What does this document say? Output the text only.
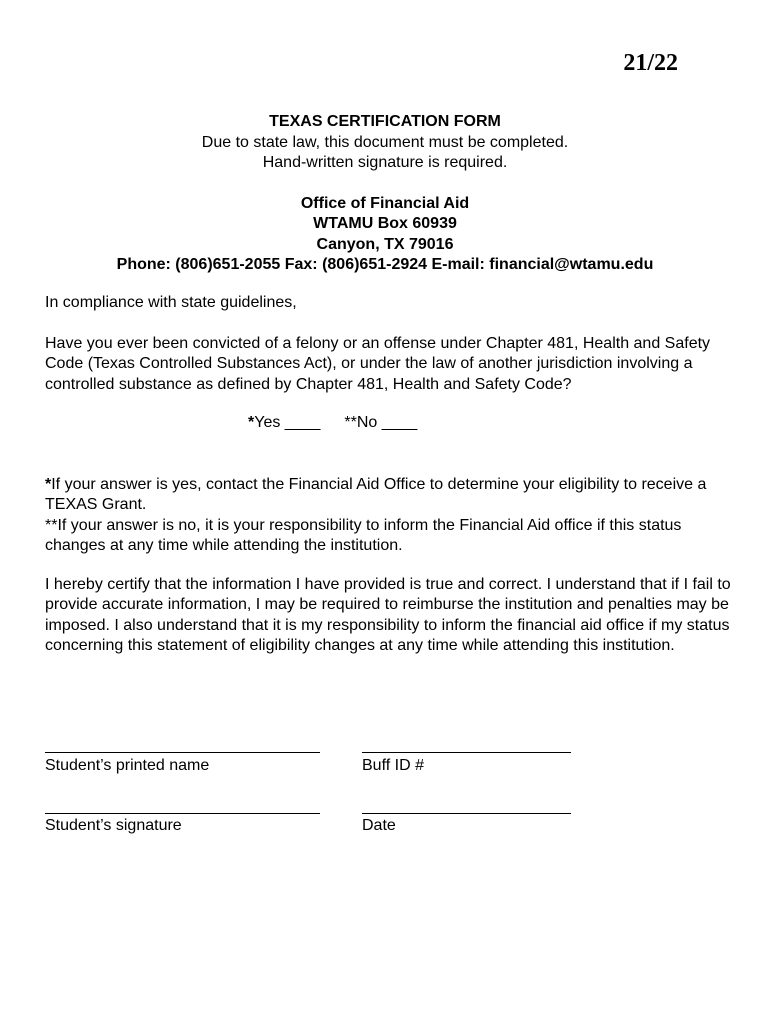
21/22
TEXAS CERTIFICATION FORM
Due to state law, this document must be completed.
Hand-written signature is required.
Office of Financial Aid
WTAMU Box 60939
Canyon, TX 79016
Phone: (806)651-2055 Fax: (806)651-2924 E-mail: financial@wtamu.edu
In compliance with state guidelines,
Have you ever been convicted of a felony or an offense under Chapter 481, Health and Safety Code (Texas Controlled Substances Act), or under the law of another jurisdiction involving a controlled substance as defined by Chapter 481, Health and Safety Code?
*Yes ____ **No ____
*If your answer is yes, contact the Financial Aid Office to determine your eligibility to receive a TEXAS Grant.
**If your answer is no, it is your responsibility to inform the Financial Aid office if this status changes at any time while attending the institution.
I hereby certify that the information I have provided is true and correct. I understand that if I fail to provide accurate information, I may be required to reimburse the institution and penalties may be imposed. I also understand that it is my responsibility to inform the financial aid office if my status concerning this statement of eligibility changes at any time while attending this institution.
Student’s printed name	Buff ID #
Student’s signature	Date
